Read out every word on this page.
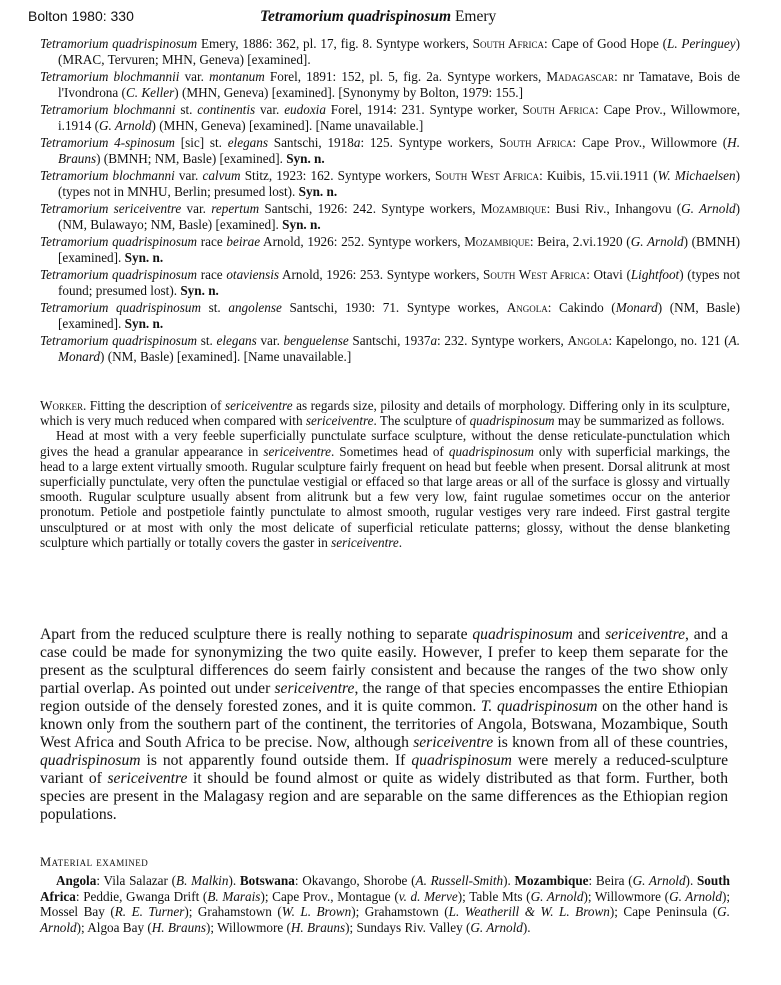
Bolton 1980: 330	Tetramorium quadrispinosum Emery

Tetramorium quadrispinosum Emery, 1886: 362, pl. 17, fig. 8. Syntype workers, South Africa: Cape of Good Hope (L. Peringuey) (MRAC, Tervuren; MHN, Geneva) [examined].

Tetramorium blochmannii var. montanum Forel, 1891: 152, pl. 5, fig. 2a. Syntype workers, Madagascar: nr Tamatave, Bois de l'Ivondrona (C. Keller) (MHN, Geneva) [examined]. [Synonymy by Bolton, 1979: 155.]

Tetramorium blochmanni st. continentis var. eudoxia Forel, 1914: 231. Syntype worker, South Africa: Cape Prov., Willowmore, i.1914 (G. Arnold) (MHN, Geneva) [examined]. [Name unavailable.]

Tetramorium 4-spinosum [sic] st. elegans Santschi, 1918a: 125. Syntype workers, South Africa: Cape Prov., Willowmore (H. Brauns) (BMNH; NM, Basle) [examined]. Syn. n.

Tetramorium blochmanni var. calvum Stitz, 1923: 162. Syntype workers, South West Africa: Kuibis, 15.vii.1911 (W. Michaelsen) (types not in MNHU, Berlin; presumed lost). Syn. n.

Tetramorium sericeiventre var. repertum Santschi, 1926: 242. Syntype workers, Mozambique: Busi Riv., Inhangovu (G. Arnold) (NM, Bulawayo; NM, Basle) [examined]. Syn. n.

Tetramorium quadrispinosum race beirae Arnold, 1926: 252. Syntype workers, Mozambique: Beira, 2.vi.1920 (G. Arnold) (BMNH) [examined]. Syn. n.

Tetramorium quadrispinosum race otaviensis Arnold, 1926: 253. Syntype workers, South West Africa: Otavi (Lightfoot) (types not found; presumed lost). Syn. n.

Tetramorium quadrispinosum st. angolense Santschi, 1930: 71. Syntype workes, Angola: Cakindo (Monard) (NM, Basle) [examined]. Syn. n.

Tetramorium quadrispinosum st. elegans var. benguelense Santschi, 1937a: 232. Syntype workers, Angola: Kapelongo, no. 121 (A. Monard) (NM, Basle) [examined]. [Name unavailable.]

Worker. Fitting the description of sericeiventre as regards size, pilosity and details of morphology. Differing only in its sculpture, which is very much reduced when compared with sericeiventre. The sculpture of quadrispinosum may be summarized as follows.

Head at most with a very feeble superficially punctulate surface sculpture, without the dense reticulate-punctulation which gives the head a granular appearance in sericeiventre. Sometimes head of quadrispinosum only with superficial markings, the head to a large extent virtually smooth. Rugular sculpture fairly frequent on head but feeble when present. Dorsal alitrunk at most superficially punctulate, very often the punctulae vestigial or effaced so that large areas or all of the surface is glossy and virtually smooth. Rugular sculpture usually absent from alitrunk but a few very low, faint rugulae sometimes occur on the anterior pronotum. Petiole and postpetiole faintly punctulate to almost smooth, rugular vestiges very rare indeed. First gastral tergite unsculptured or at most with only the most delicate of superficial reticulate patterns; glossy, without the dense blanketing sculpture which partially or totally covers the gaster in sericeiventre.

Apart from the reduced sculpture there is really nothing to separate quadrispinosum and sericeiventre, and a case could be made for synonymizing the two quite easily. However, I prefer to keep them separate for the present as the sculptural differences do seem fairly consistent and because the ranges of the two show only partial overlap. As pointed out under sericeiventre, the range of that species encompasses the entire Ethiopian region outside of the densely forested zones, and it is quite common. T. quadrispinosum on the other hand is known only from the southern part of the continent, the territories of Angola, Botswana, Mozambique, South West Africa and South Africa to be precise. Now, although sericeiventre is known from all of these countries, quadrispinosum is not apparently found outside them. If quadrispinosum were merely a reduced-sculpture variant of sericeiventre it should be found almost or quite as widely distributed as that form. Further, both species are present in the Malagasy region and are separable on the same differences as the Ethiopian region populations.

Material examined

Angola: Vila Salazar (B. Malkin). Botswana: Okavango, Shorobe (A. Russell-Smith). Mozambique: Beira (G. Arnold). South Africa: Peddie, Gwanga Drift (B. Marais); Cape Prov., Montague (v. d. Merve); Table Mts (G. Arnold); Willowmore (G. Arnold); Mossel Bay (R. E. Turner); Grahamstown (W. L. Brown); Grahamstown (L. Weatherill & W. L. Brown); Cape Peninsula (G. Arnold); Algoa Bay (H. Brauns); Willowmore (H. Brauns); Sundays Riv. Valley (G. Arnold).
